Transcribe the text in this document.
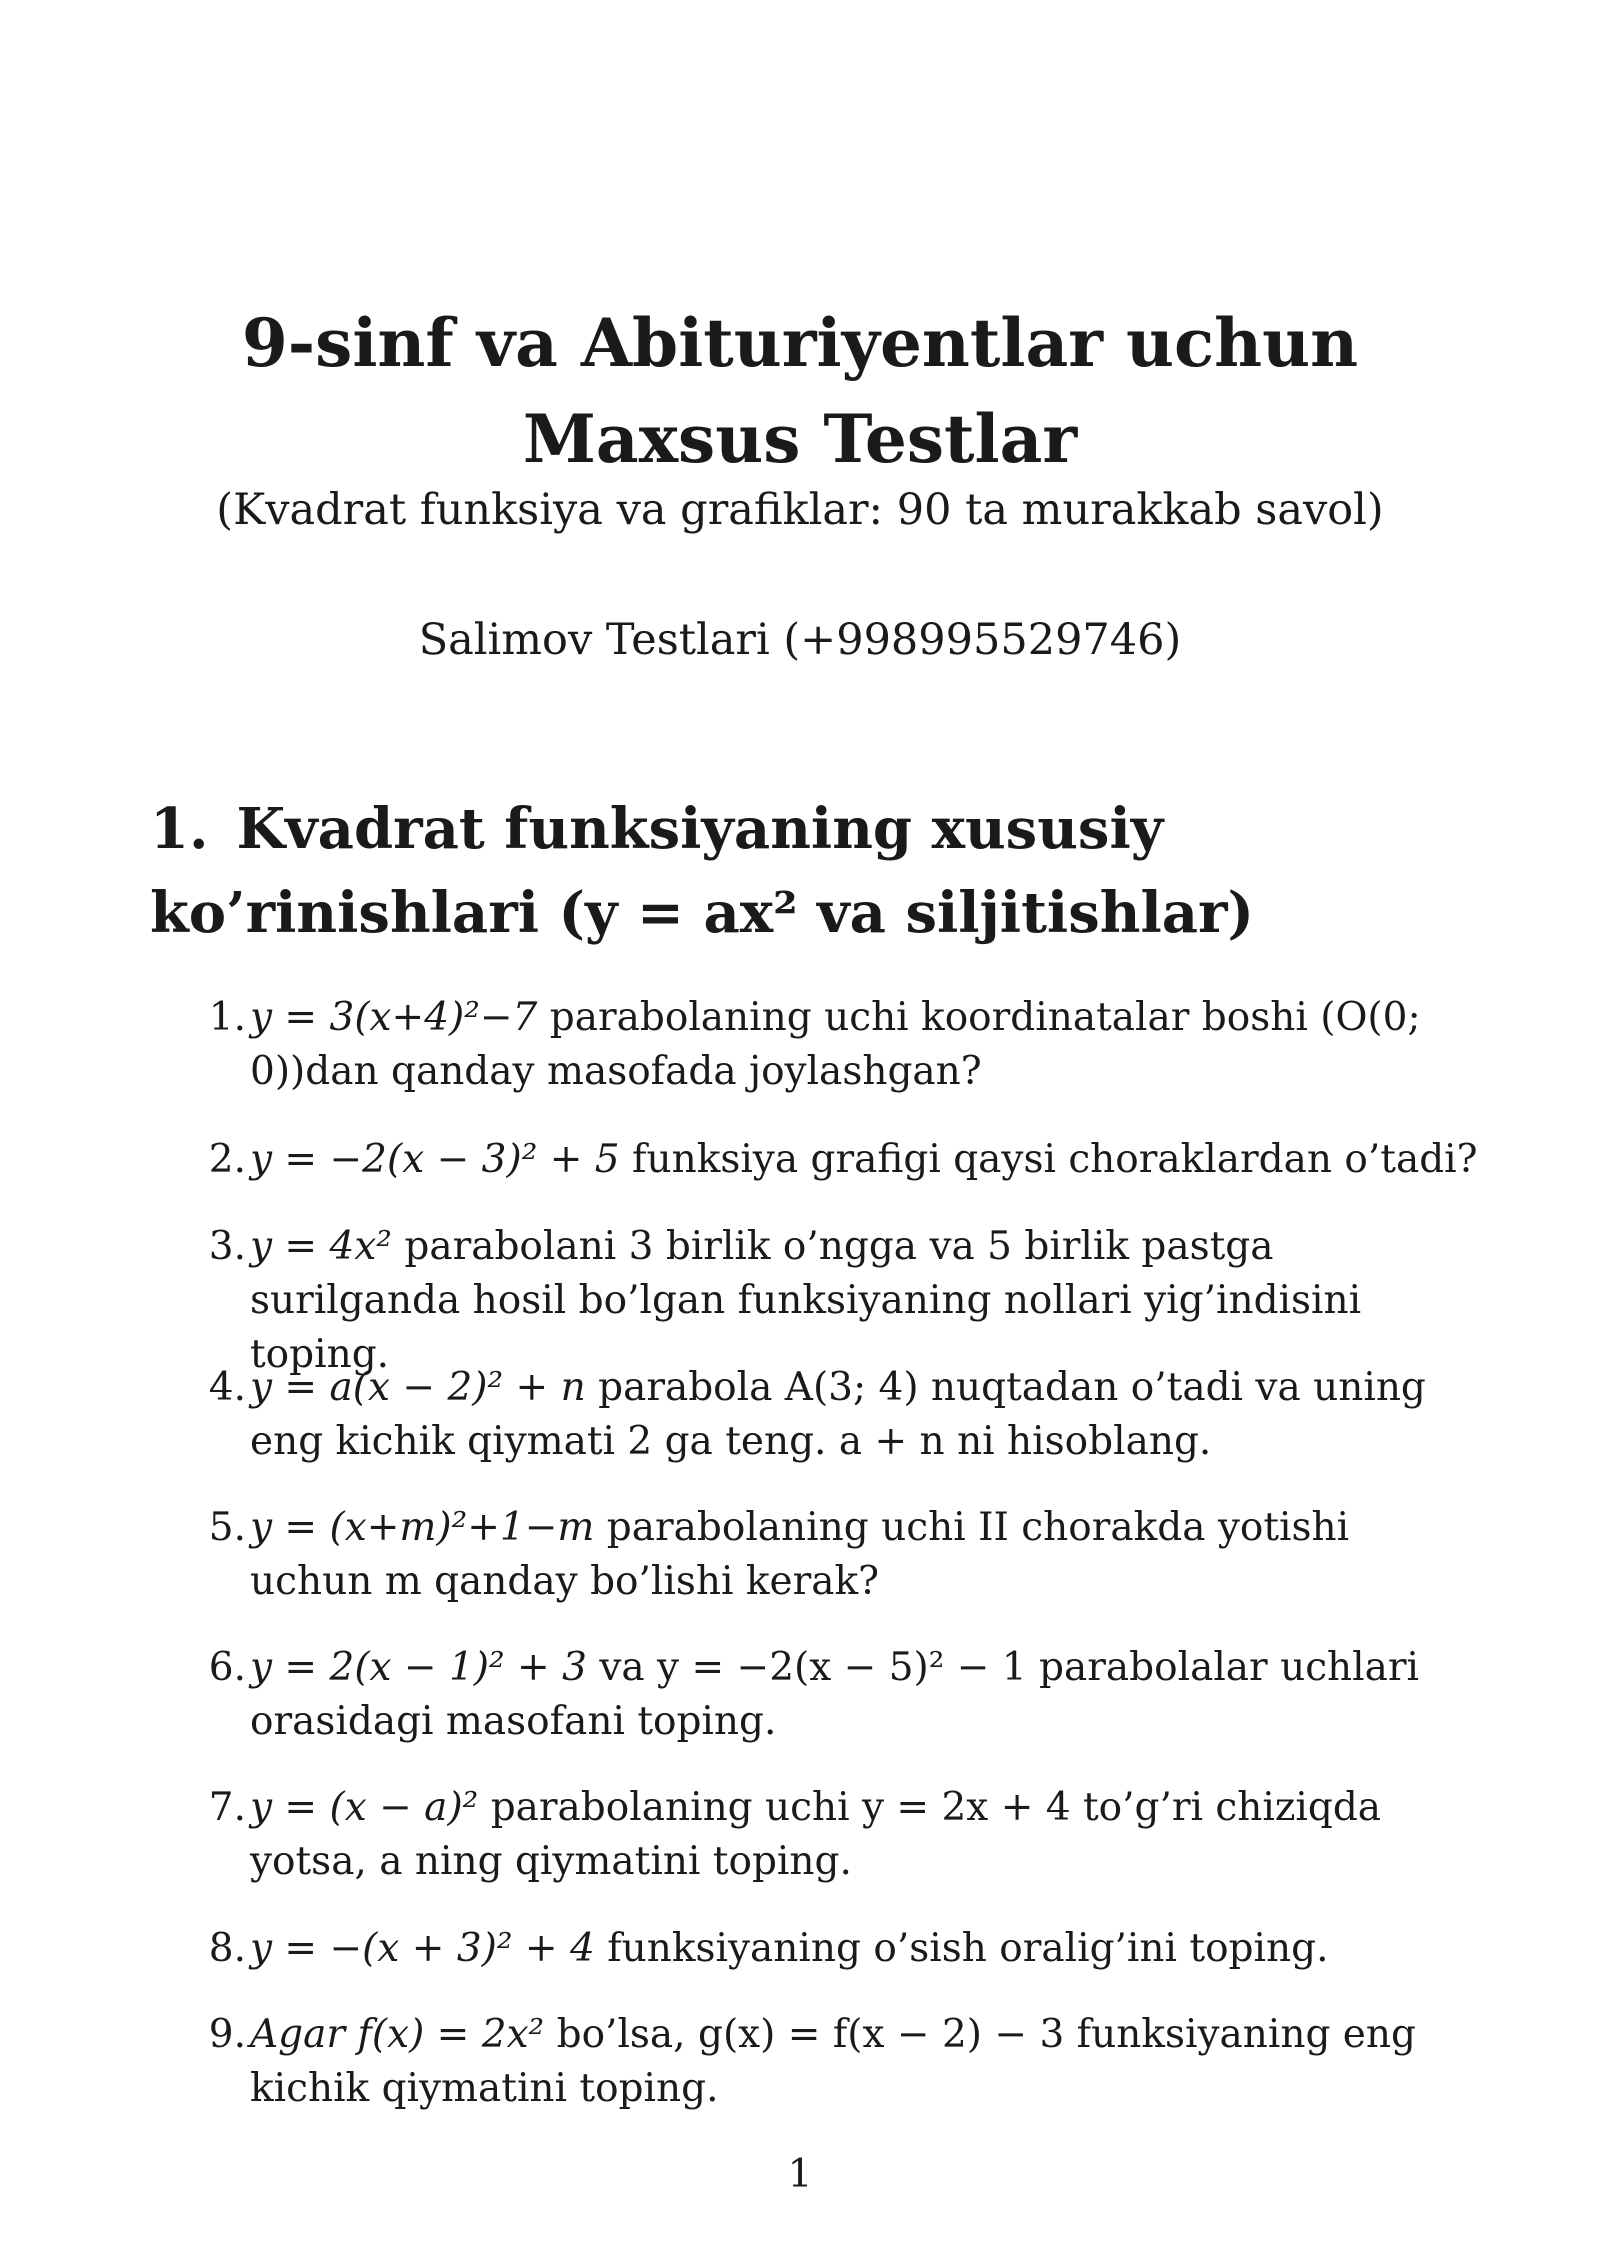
9-sinf va Abituriyentlar uchun Maxsus Testlar
(Kvadrat funksiya va grafiklar: 90 ta murakkab savol)
Salimov Testlari (+998995529746)
1. Kvadrat funksiyaning xususiy ko’rinishlari (y = ax² va siljitishlar)
1. y = 3(x+4)²−7 parabolaning uchi koordinatalar boshi (O(0; 0))dan qanday masofada joylashgan?
2. y = −2(x − 3)² + 5 funksiya grafigi qaysi choraklardan o’tadi?
3. y = 4x² parabolani 3 birlik o’ngga va 5 birlik pastga surilganda hosil bo’lgan funksiyaning nollari yig’indisini toping.
4. y = a(x − 2)² + n parabola A(3; 4) nuqtadan o’tadi va uning eng kichik qiymati 2 ga teng. a + n ni hisoblang.
5. y = (x+m)²+1−m parabolaning uchi II chorakda yotishi uchun m qanday bo’lishi kerak?
6. y = 2(x − 1)² + 3 va y = −2(x − 5)² − 1 parabolalar uchlari orasidagi masofani toping.
7. y = (x − a)² parabolaning uchi y = 2x + 4 to’g’ri chiziqda yotsa, a ning qiymatini toping.
8. y = −(x + 3)² + 4 funksiyaning o’sish oralig’ini toping.
9. Agar f(x) = 2x² bo’lsa, g(x) = f(x − 2) − 3 funksiyaning eng kichik qiymatini toping.
1
